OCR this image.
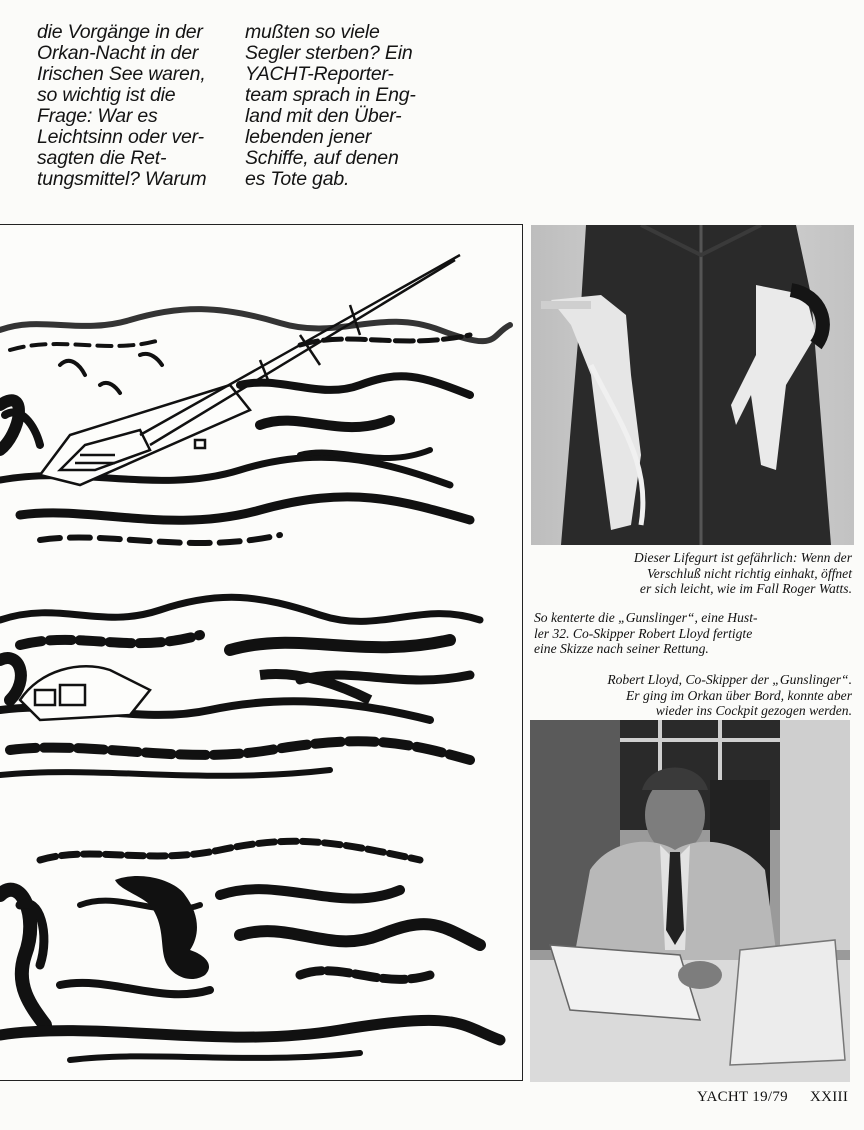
die Vorgänge in der
Orkan-Nacht in der
Irischen See waren,
so wichtig ist die
Frage: War es
Leichtsinn oder ver-
sagten die Ret-
tungsmittel? Warum
mußten so viele
Segler sterben? Ein
YACHT-Reporter-
team sprach in Eng-
land mit den Über-
lebenden jener
Schiffe, auf denen
es Tote gab.
Dieser Lifegurt ist gefährlich: Wenn der
Verschluß nicht richtig einhakt, öffnet
er sich leicht, wie im Fall Roger Watts.
So kenterte die „Gunslinger“, eine Hust-
ler 32. Co-Skipper Robert Lloyd fertigte
eine Skizze nach seiner Rettung.
Robert Lloyd, Co-Skipper der „Gunslinger“.
Er ging im Orkan über Bord, konnte aber
wieder ins Cockpit gezogen werden.
YACHT 19/79 XXIII
